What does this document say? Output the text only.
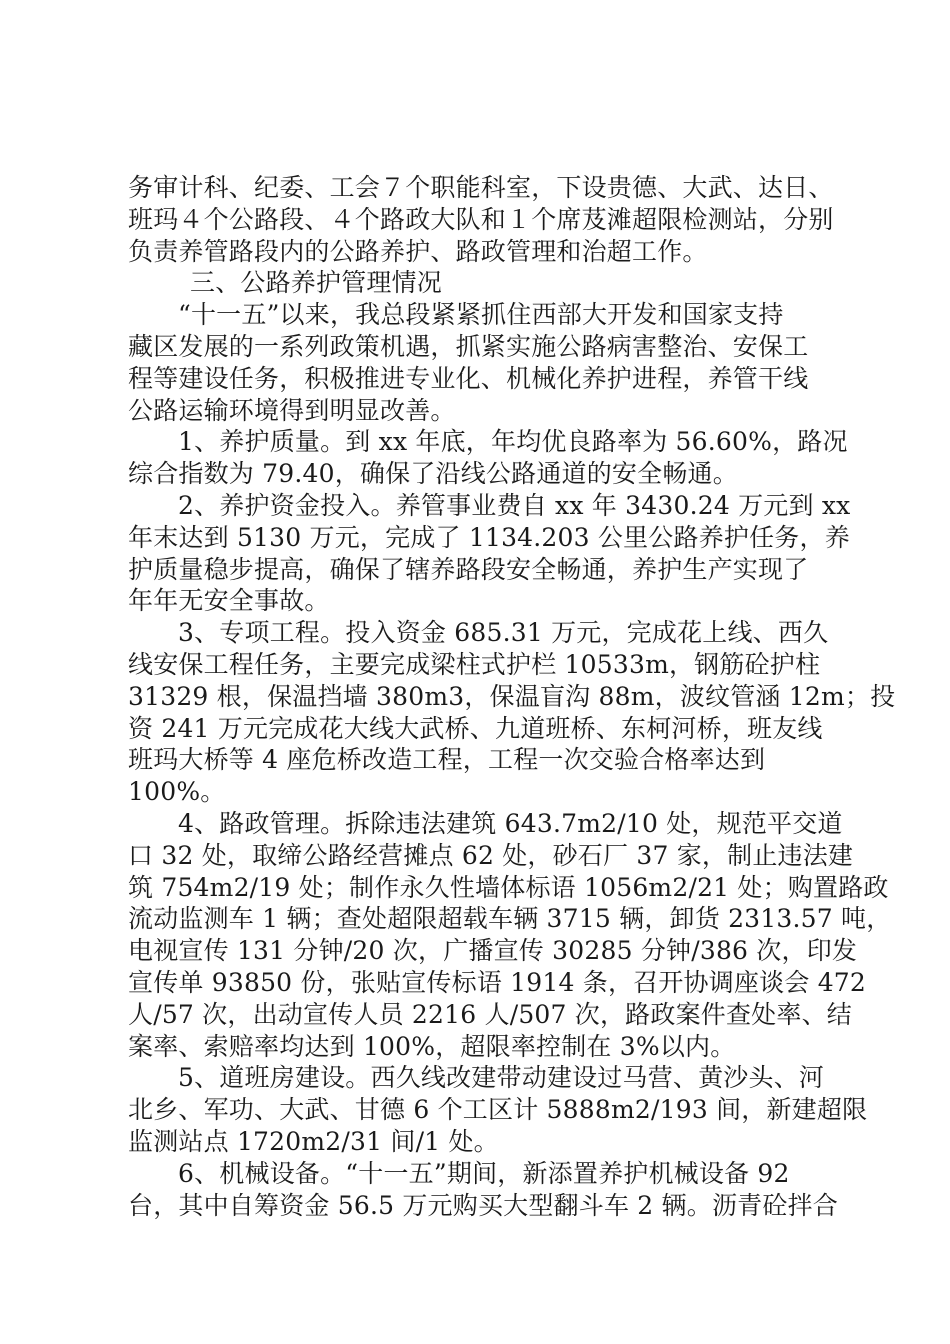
务审计科、纪委、工会７个职能科室，下设贵德、大武、达日、
班玛４个公路段、４个路政大队和１个席芨滩超限检测站，分别
负责养管路段内的公路养护、路政管理和治超工作。
三、公路养护管理情况
“十一五”以来，我总段紧紧抓住西部大开发和国家支持
藏区发展的一系列政策机遇，抓紧实施公路病害整治、安保工
程等建设任务，积极推进专业化、机械化养护进程，养管干线
公路运输环境得到明显改善。
1、养护质量。到 xx 年底，年均优良路率为 56.60%，路况
综合指数为 79.40，确保了沿线公路通道的安全畅通。
2、养护资金投入。养管事业费自 xx 年 3430.24 万元到 xx
年末达到 5130 万元，完成了 1134.203 公里公路养护任务，养
护质量稳步提高，确保了辖养路段安全畅通，养护生产实现了
年年无安全事故。
3、专项工程。投入资金 685.31 万元，完成花上线、西久
线安保工程任务，主要完成梁柱式护栏 10533m，钢筋砼护柱
31329 根，保温挡墙 380m3，保温盲沟 88m，波纹管涵 12m；投
资 241 万元完成花大线大武桥、九道班桥、东柯河桥，班友线
班玛大桥等 4 座危桥改造工程，工程一次交验合格率达到
100%。
4、路政管理。拆除违法建筑 643.7m2/10 处，规范平交道
口 32 处，取缔公路经营摊点 62 处，砂石厂 37 家，制止违法建
筑 754m2/19 处；制作永久性墙体标语 1056m2/21 处；购置路政
流动监测车 1 辆；查处超限超载车辆 3715 辆，卸货 2313.57 吨，
电视宣传 131 分钟/20 次，广播宣传 30285 分钟/386 次，印发
宣传单 93850 份，张贴宣传标语 1914 条，召开协调座谈会 472
人/57 次，出动宣传人员 2216 人/507 次，路政案件查处率、结
案率、索赔率均达到 100%，超限率控制在 3%以内。
5、道班房建设。西久线改建带动建设过马营、黄沙头、河
北乡、军功、大武、甘德 6 个工区计 5888m2/193 间，新建超限
监测站点 1720m2/31 间/1 处。
6、机械设备。“十一五”期间，新添置养护机械设备 92
台，其中自筹资金 56.5 万元购买大型翻斗车 2 辆。沥青砼拌合
